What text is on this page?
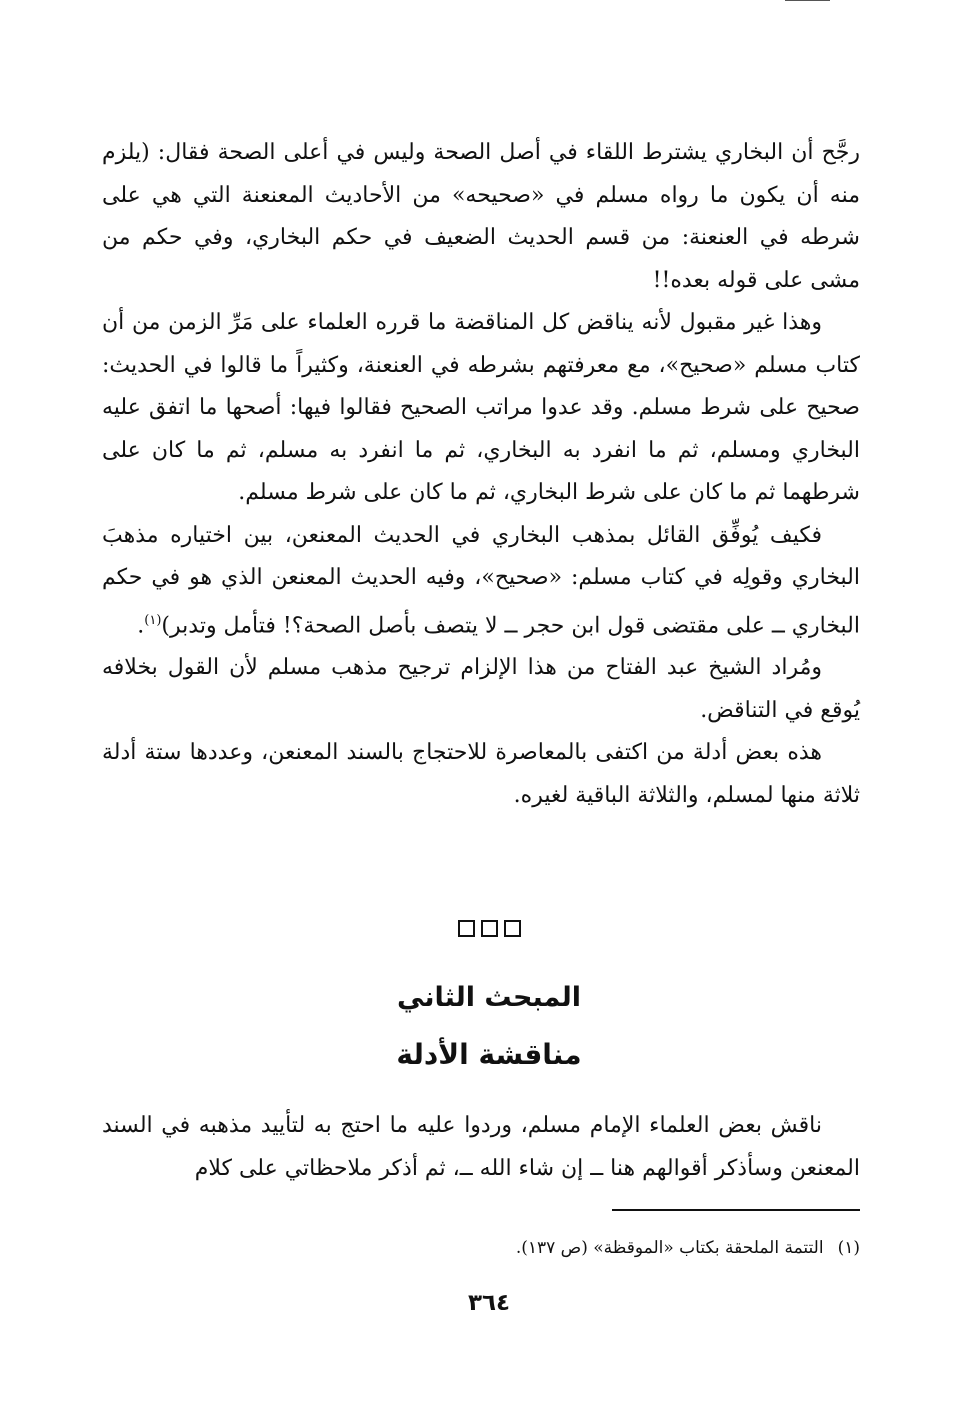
رجَّح أن البخاري يشترط اللقاء في أصل الصحة وليس في أعلى الصحة فقال: (يلزم منه أن يكون ما رواه مسلم في «صحيحه» من الأحاديث المعنعنة التي هي على شرطه في العنعنة: من قسم الحديث الضعيف في حكم البخاري، وفي حكم من مشى على قوله بعده!!

وهذا غير مقبول لأنه يناقض كل المناقضة ما قرره العلماء على مَرِّ الزمن من أن كتاب مسلم «صحيح»، مع معرفتهم بشرطه في العنعنة، وكثيراً ما قالوا في الحديث: صحيح على شرط مسلم. وقد عدوا مراتب الصحيح فقالوا فيها: أصحها ما اتفق عليه البخاري ومسلم، ثم ما انفرد به البخاري، ثم ما انفرد به مسلم، ثم ما كان على شرطهما ثم ما كان على شرط البخاري، ثم ما كان على شرط مسلم.

فكيف يُوفِّق القائل بمذهب البخاري في الحديث المعنعن، بين اختياره مذهبَ البخاري وقولِه في كتاب مسلم: «صحيح»، وفيه الحديث المعنعن الذي هو في حكم البخاري ــ على مقتضى قول ابن حجر ــ لا يتصف بأصل الصحة؟! فتأمل وتدبر)$^{(١)}$.

ومُراد الشيخ عبد الفتاح من هذا الإلزام ترجيح مذهب مسلم لأن القول بخلافه يُوقع في التناقض.

هذه بعض أدلة من اكتفى بالمعاصرة للاحتجاج بالسند المعنعن، وعددها ستة أدلة ثلاثة منها لمسلم، والثلاثة الباقية لغيره.

المبحث الثاني
مناقشة الأدلة

ناقش بعض العلماء الإمام مسلم، وردوا عليه ما احتج به لتأييد مذهبه في السند المعنعن وسأذكر أقوالهم هنا ــ إن شاء الله ــ، ثم أذكر ملاحظاتي على كلام

(١)التتمة الملحقة بكتاب «الموقظة» (ص ١٣٧).
٣٦٤
